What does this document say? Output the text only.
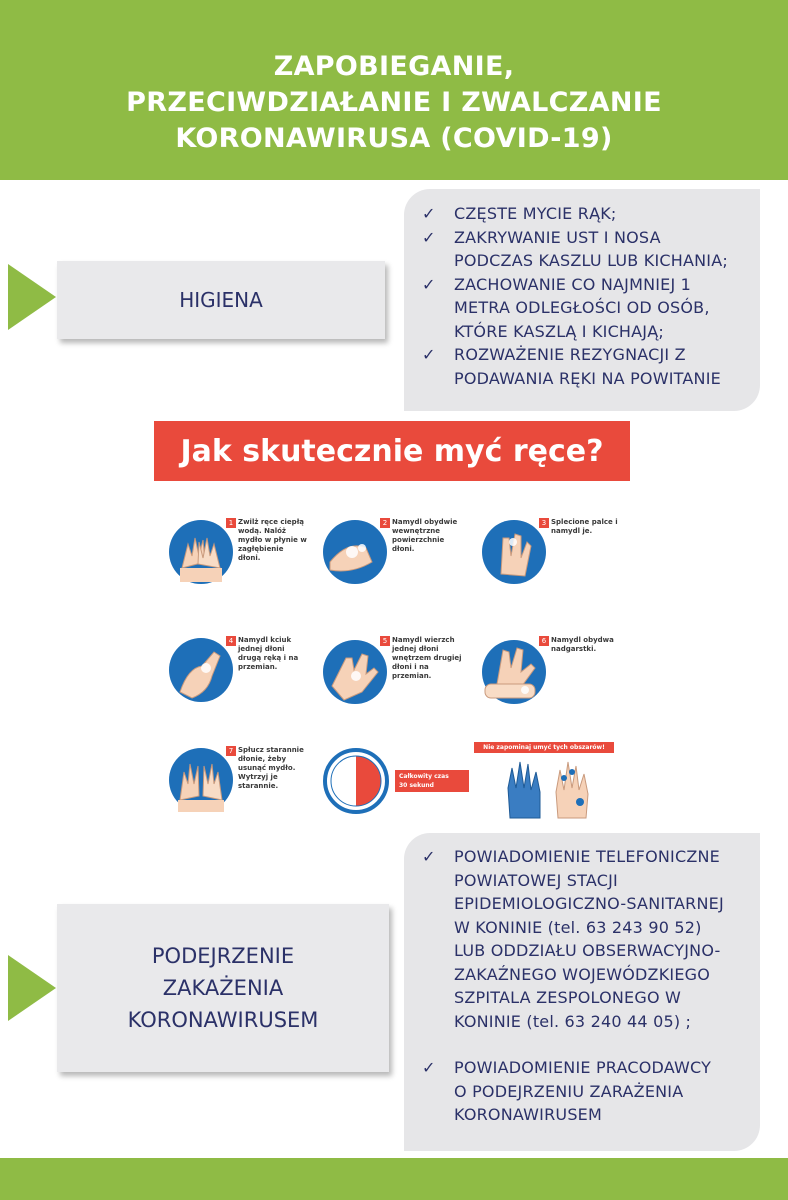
ZAPOBIEGANIE,
PRZECIWDZIAŁANIE I ZWALCZANIE
KORONAWIRUSA (COVID-19)
HIGIENA
✓ CZĘSTE MYCIE RĄK;
✓ ZAKRYWANIE UST I NOSA
PODCZAS KASZLU LUB KICHANIA;
✓ ZACHOWANIE CO NAJMNIEJ 1
METRA ODLEGŁOŚCI OD OSÓB,
KTÓRE KASZLĄ I KICHAJĄ;
✓ ROZWAŻENIE REZYGNACJI Z
PODAWANIA RĘKI NA POWITANIE
Jak skutecznie myć ręce?
1 Zwilż ręce ciepłą wodą. Nalóż mydło w płynie w zagłębienie dłoni.
2 Namydl obydwie wewnętrzne powierzchnie dłoni.
3 Splecione palce i namydl je.
4 Namydl kciuk jednej dłoni drugą ręką i na przemian.
5 Namydl wierzch jednej dłoni wnętrzem drugiej dłoni i na przemian.
6 Namydl obydwa nadgarstki.
7 Spłucz starannie dłonie, żeby usunąć mydło. Wytrzyj je starannie.
Całkowity czas
30 sekund
Nie zapominaj umyć tych obszarów!
✓ POWIADOMIENIE TELEFONICZNE
POWIATOWEJ STACJI
EPIDEMIOLOGICZNO-SANITARNEJ
W KONINIE (tel. 63 243 90 52)
LUB ODDZIAŁU OBSERWACYJNO-
ZAKAŹNEGO WOJEWÓDZKIEGO
SZPITALA ZESPOLONEGO W
KONINIE (tel. 63 240 44 05) ;
✓ POWIADOMIENIE PRACODAWCY
O PODEJRZENIU ZARAŻENIA
KORONAWIRUSEM
PODEJRZENIE
ZAKAŻENIA
KORONAWIRUSEM
